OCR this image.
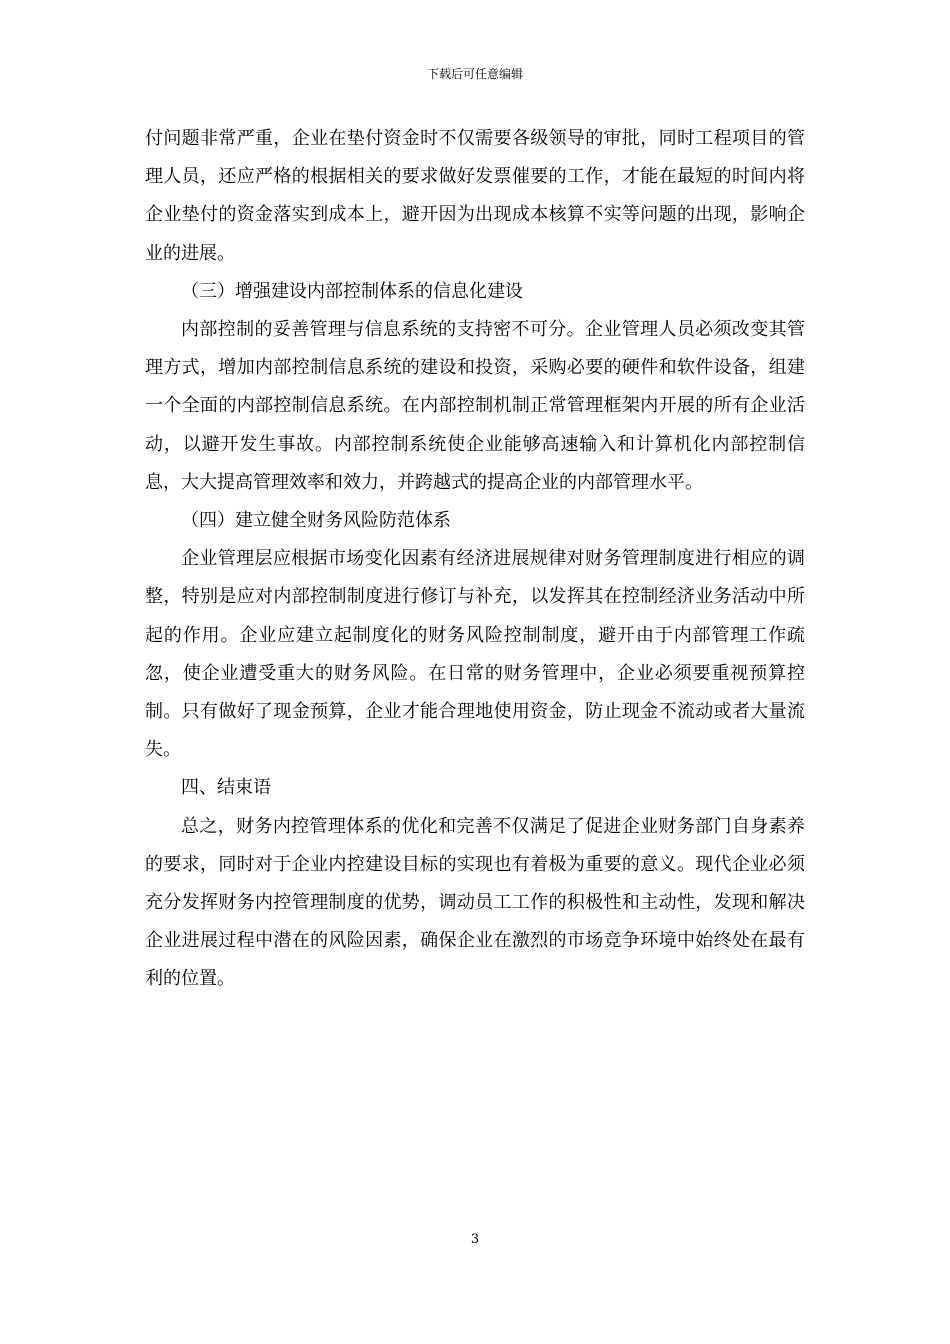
下载后可任意编辑

付问题非常严重，企业在垫付资金时不仅需要各级领导的审批，同时工程项目的管理人员，还应严格的根据相关的要求做好发票催要的工作，才能在最短的时间内将企业垫付的资金落实到成本上，避开因为出现成本核算不实等问题的出现，影响企业的进展。

（三）增强建设内部控制体系的信息化建设

内部控制的妥善管理与信息系统的支持密不可分。企业管理人员必须改变其管理方式，增加内部控制信息系统的建设和投资，采购必要的硬件和软件设备，组建一个全面的内部控制信息系统。在内部控制机制正常管理框架内开展的所有企业活动，以避开发生事故。内部控制系统使企业能够高速输入和计算机化内部控制信息，大大提高管理效率和效力，并跨越式的提高企业的内部管理水平。

（四）建立健全财务风险防范体系

企业管理层应根据市场变化因素有经济进展规律对财务管理制度进行相应的调整，特别是应对内部控制制度进行修订与补充，以发挥其在控制经济业务活动中所起的作用。企业应建立起制度化的财务风险控制制度，避开由于内部管理工作疏忽，使企业遭受重大的财务风险。在日常的财务管理中，企业必须要重视预算控制。只有做好了现金预算，企业才能合理地使用资金，防止现金不流动或者大量流失。

四、结束语

总之，财务内控管理体系的优化和完善不仅满足了促进企业财务部门自身素养的要求，同时对于企业内控建设目标的实现也有着极为重要的意义。现代企业必须充分发挥财务内控管理制度的优势，调动员工工作的积极性和主动性，发现和解决企业进展过程中潜在的风险因素，确保企业在激烈的市场竞争环境中始终处在最有利的位置。

3
